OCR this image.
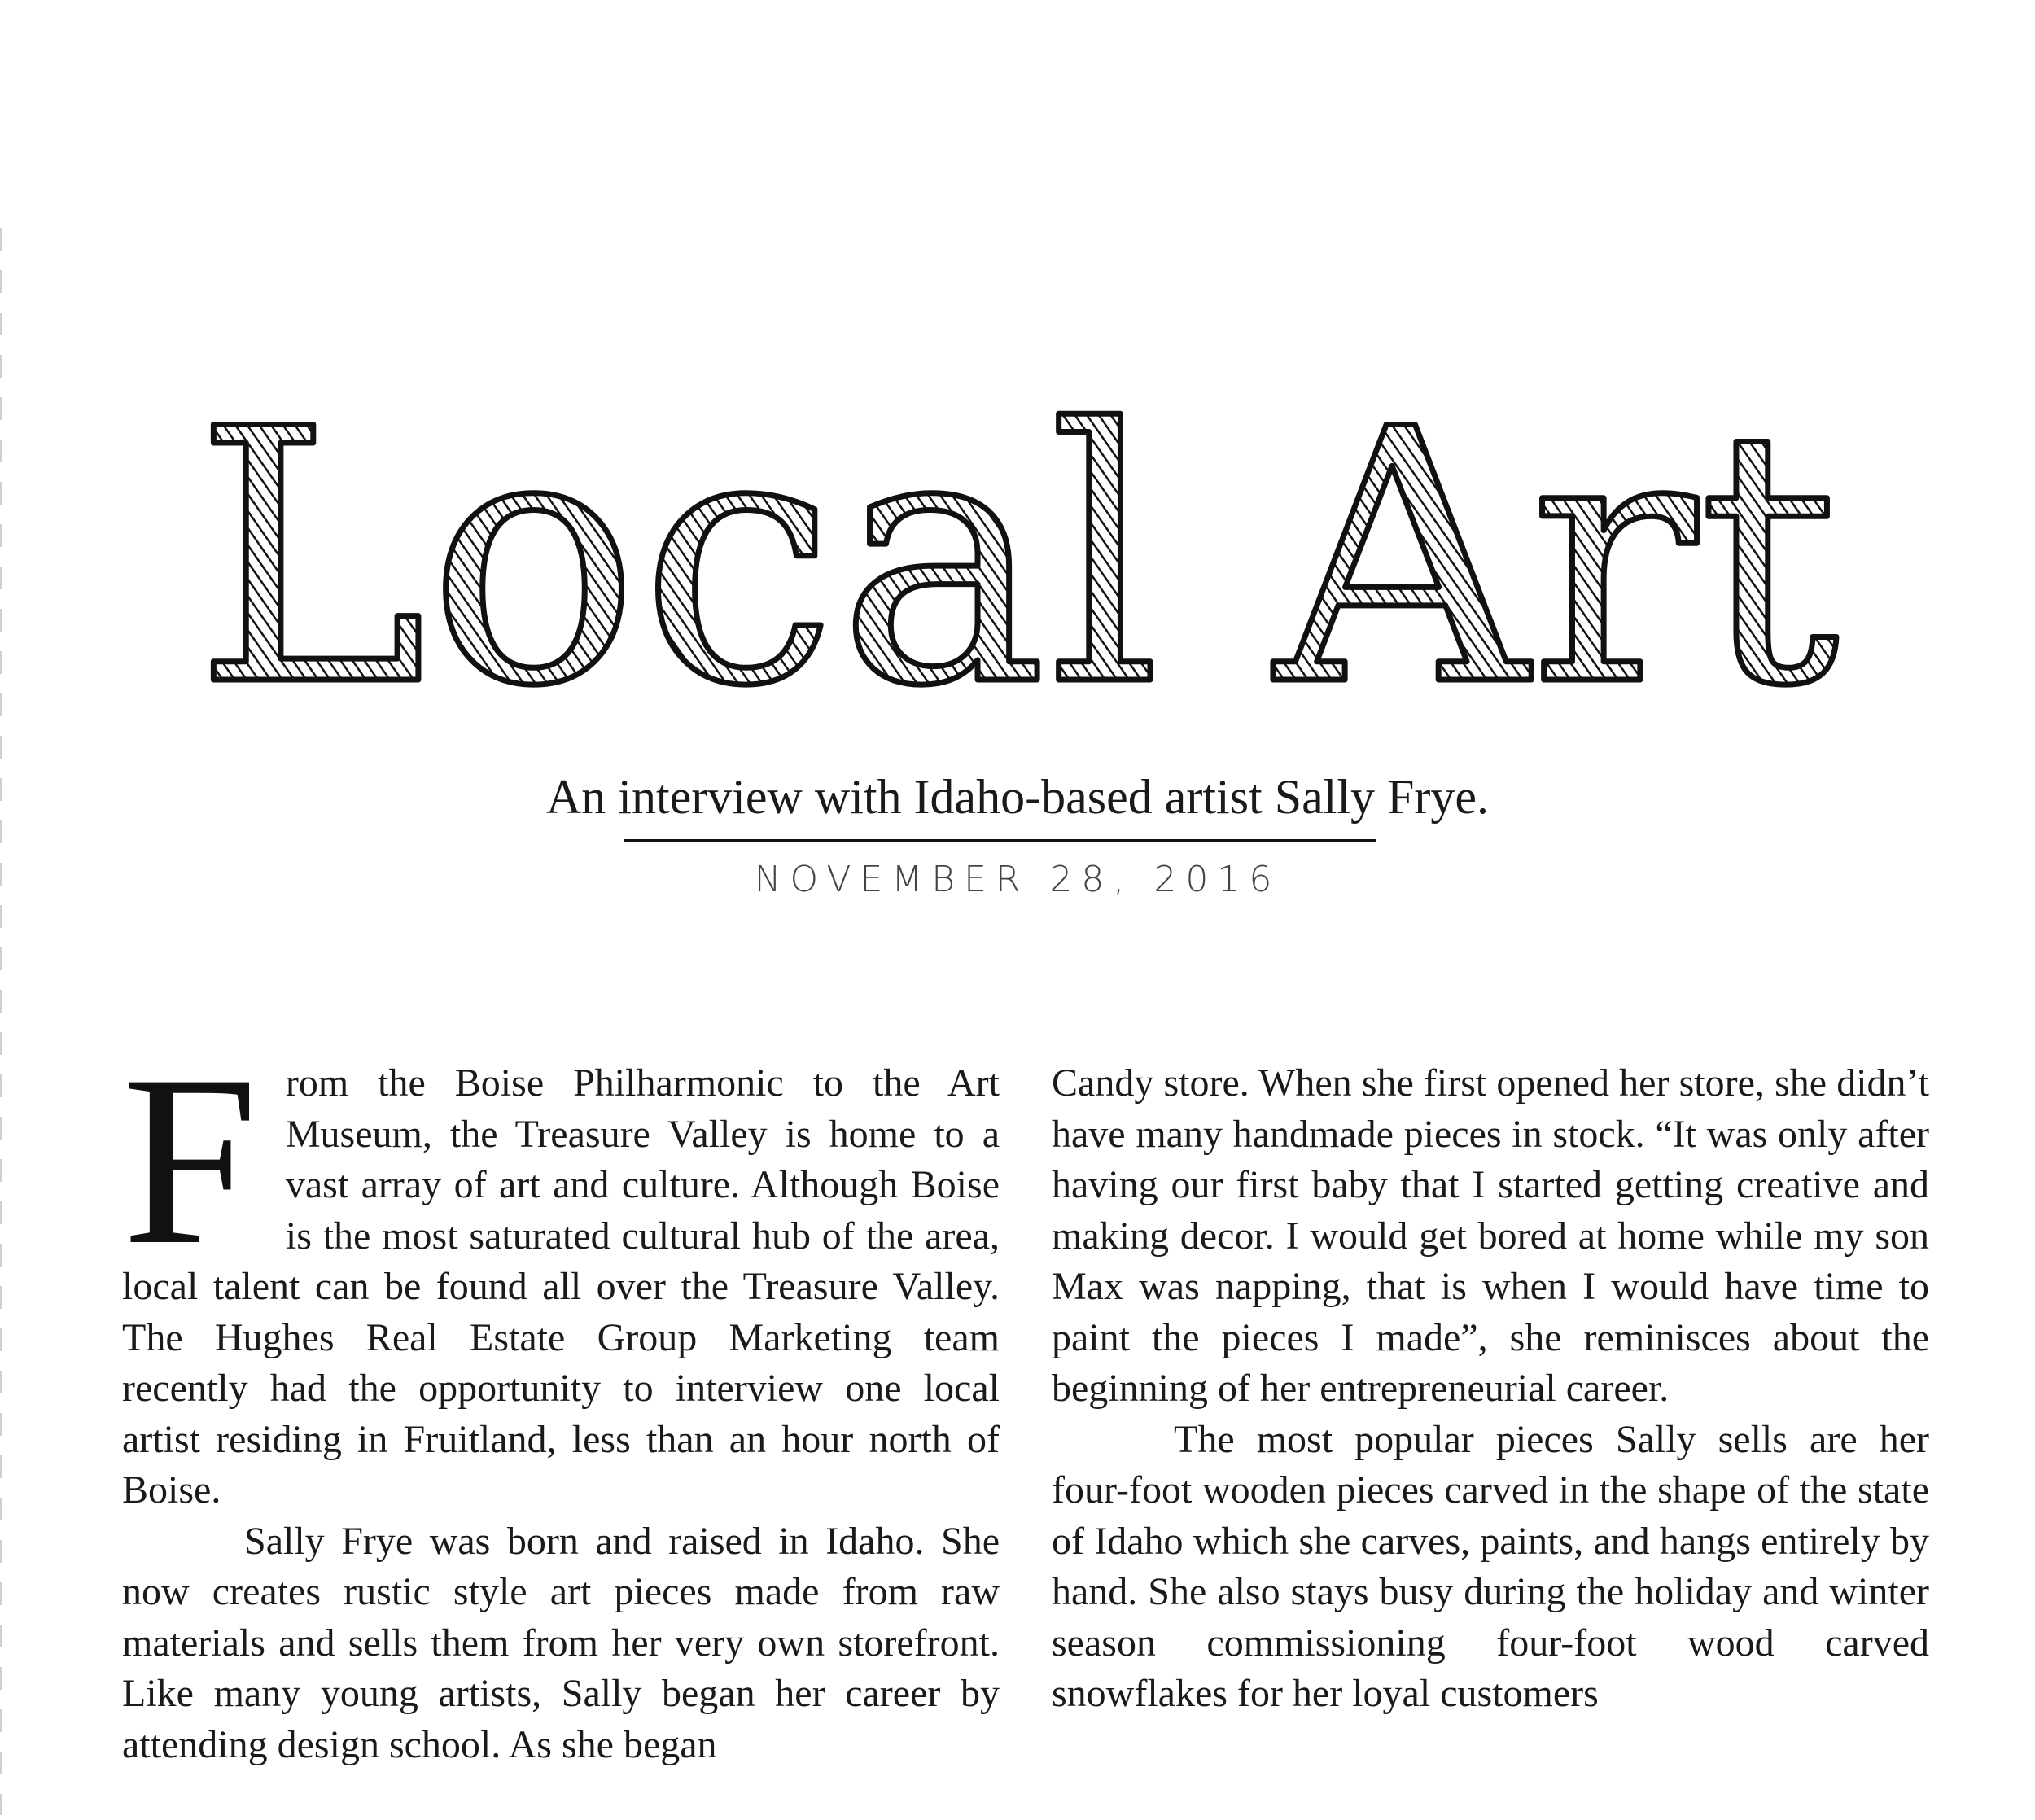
Local Art
An interview with Idaho-based artist Sally Frye.
NOVEMBER 28, 2016
F rom the Boise Philharmonic to the Art Museum, the Treasure Valley is home to a vast array of art and culture. Although Boise is the most saturated cultural hub of the area, local talent can be found all over the Treasure Valley. The Hughes Real Estate Group Marketing team recently had the opportunity to interview one local artist residing in Fruitland, less than an hour north of Boise.

Sally Frye was born and raised in Idaho. She now creates rustic style art pieces made from raw materials and sells them from her very own storefront. Like many young artists, Sally began her career by attending design school. As she began

Candy store. When she first opened her store, she didn’t have many handmade pieces in stock. “It was only after having our first baby that I started getting creative and making decor. I would get bored at home while my son Max was napping, that is when I would have time to paint the pieces I made”, she reminisces about the beginning of her entrepreneurial career.

The most popular pieces Sally sells are her four-foot wooden pieces carved in the shape of the state of Idaho which she carves, paints, and hangs entirely by hand. She also stays busy during the holiday and winter season commissioning four-foot wood carved snowflakes for her loyal customers
